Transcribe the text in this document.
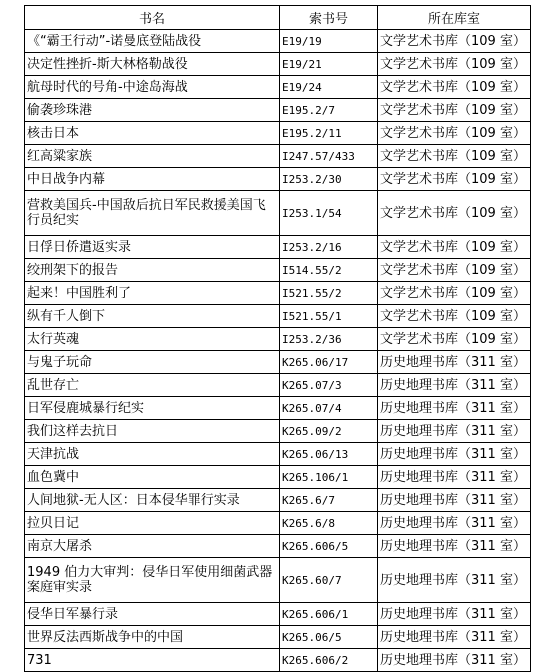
书名	索书号	所在库室
《“霸王行动”-诺曼底登陆战役	E19/19	文学艺术书库（109 室）
决定性挫折-斯大林格勒战役	E19/21	文学艺术书库（109 室）
航母时代的号角-中途岛海战	E19/24	文学艺术书库（109 室）
偷袭珍珠港	E195.2/7	文学艺术书库（109 室）
核击日本	E195.2/11	文学艺术书库（109 室）
红高粱家族	I247.57/433	文学艺术书库（109 室）
中日战争内幕	I253.2/30	文学艺术书库（109 室）
营救美国兵-中国敌后抗日军民救援美国飞行员纪实	I253.1/54	文学艺术书库（109 室）
日俘日侨遣返实录	I253.2/16	文学艺术书库（109 室）
绞刑架下的报告	I514.55/2	文学艺术书库（109 室）
起来！中国胜利了	I521.55/2	文学艺术书库（109 室）
纵有千人倒下	I521.55/1	文学艺术书库（109 室）
太行英魂	I253.2/36	文学艺术书库（109 室）
与鬼子玩命	K265.06/17	历史地理书库（311 室）
乱世存亡	K265.07/3	历史地理书库（311 室）
日军侵鹿城暴行纪实	K265.07/4	历史地理书库（311 室）
我们这样去抗日	K265.09/2	历史地理书库（311 室）
天津抗战	K265.06/13	历史地理书库（311 室）
血色冀中	K265.106/1	历史地理书库（311 室）
人间地狱-无人区：日本侵华罪行实录	K265.6/7	历史地理书库（311 室）
拉贝日记	K265.6/8	历史地理书库（311 室）
南京大屠杀	K265.606/5	历史地理书库（311 室）
1949 伯力大审判：侵华日军使用细菌武器案庭审实录	K265.60/7	历史地理书库（311 室）
侵华日军暴行录	K265.606/1	历史地理书库（311 室）
世界反法西斯战争中的中国	K265.06/5	历史地理书库（311 室）
731	K265.606/2	历史地理书库（311 室）
